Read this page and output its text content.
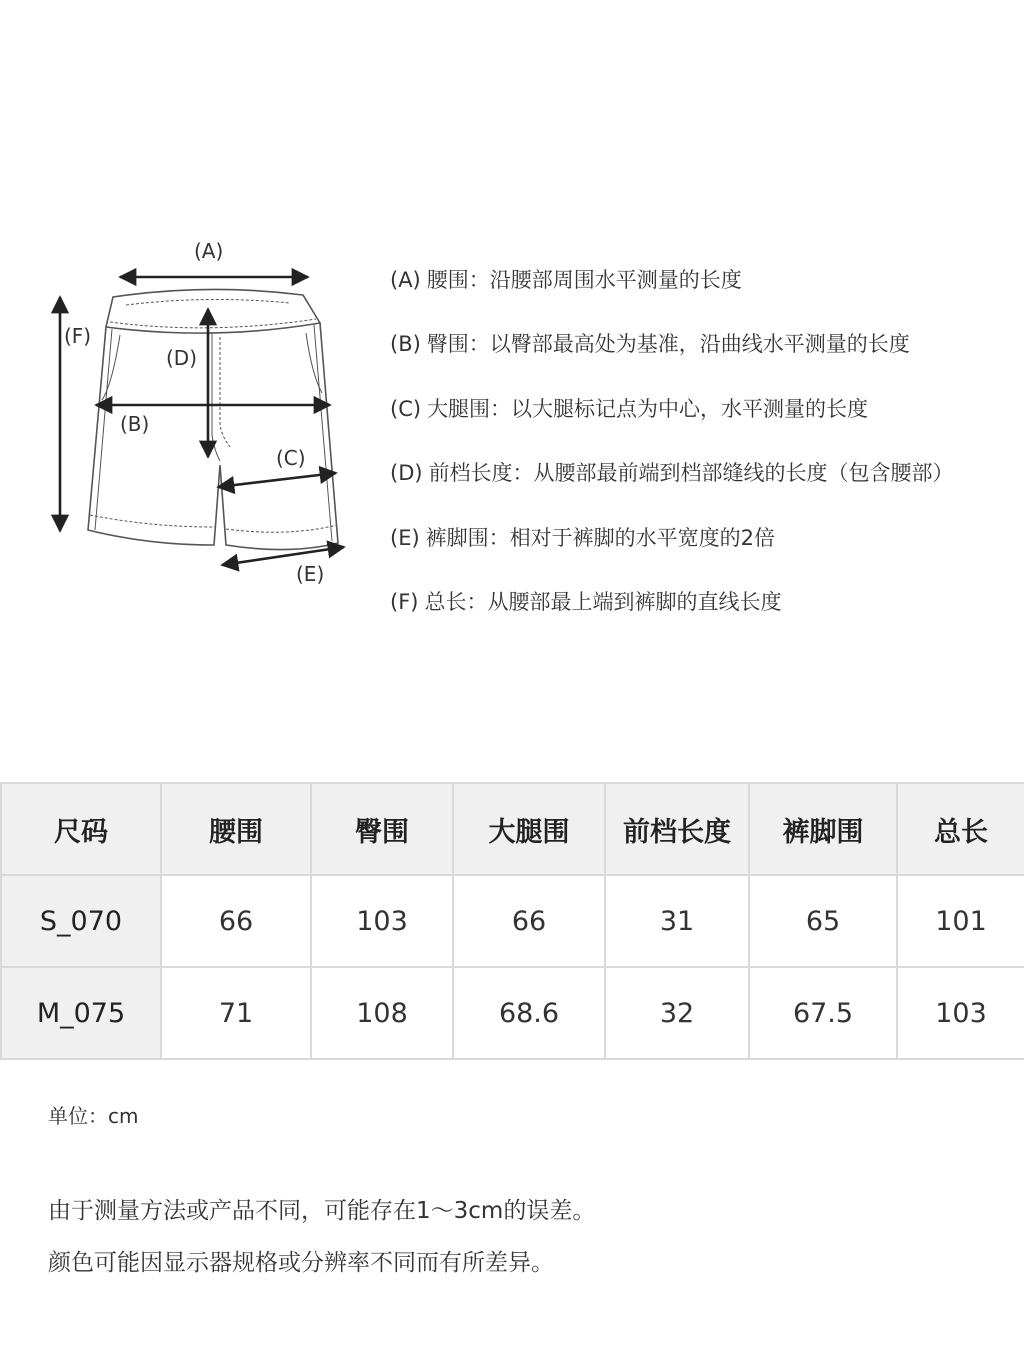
(A)
(B)
(C)
(D)
(E)
(F)
(A) 腰围：沿腰部周围水平测量的长度
(B) 臀围：以臀部最高处为基准，沿曲线水平测量的长度
(C) 大腿围：以大腿标记点为中心，水平测量的长度
(D) 前档长度：从腰部最前端到档部缝线的长度（包含腰部）
(E) 裤脚围：相对于裤脚的水平宽度的2倍
(F) 总长：从腰部最上端到裤脚的直线长度
尺码	腰围	臀围	大腿围	前档长度	裤脚围	总长
S_070	66	103	66	31	65	101
M_075	71	108	68.6	32	67.5	103
单位：cm
由于测量方法或产品不同，可能存在1～3cm的误差。
颜色可能因显示器规格或分辨率不同而有所差异。
